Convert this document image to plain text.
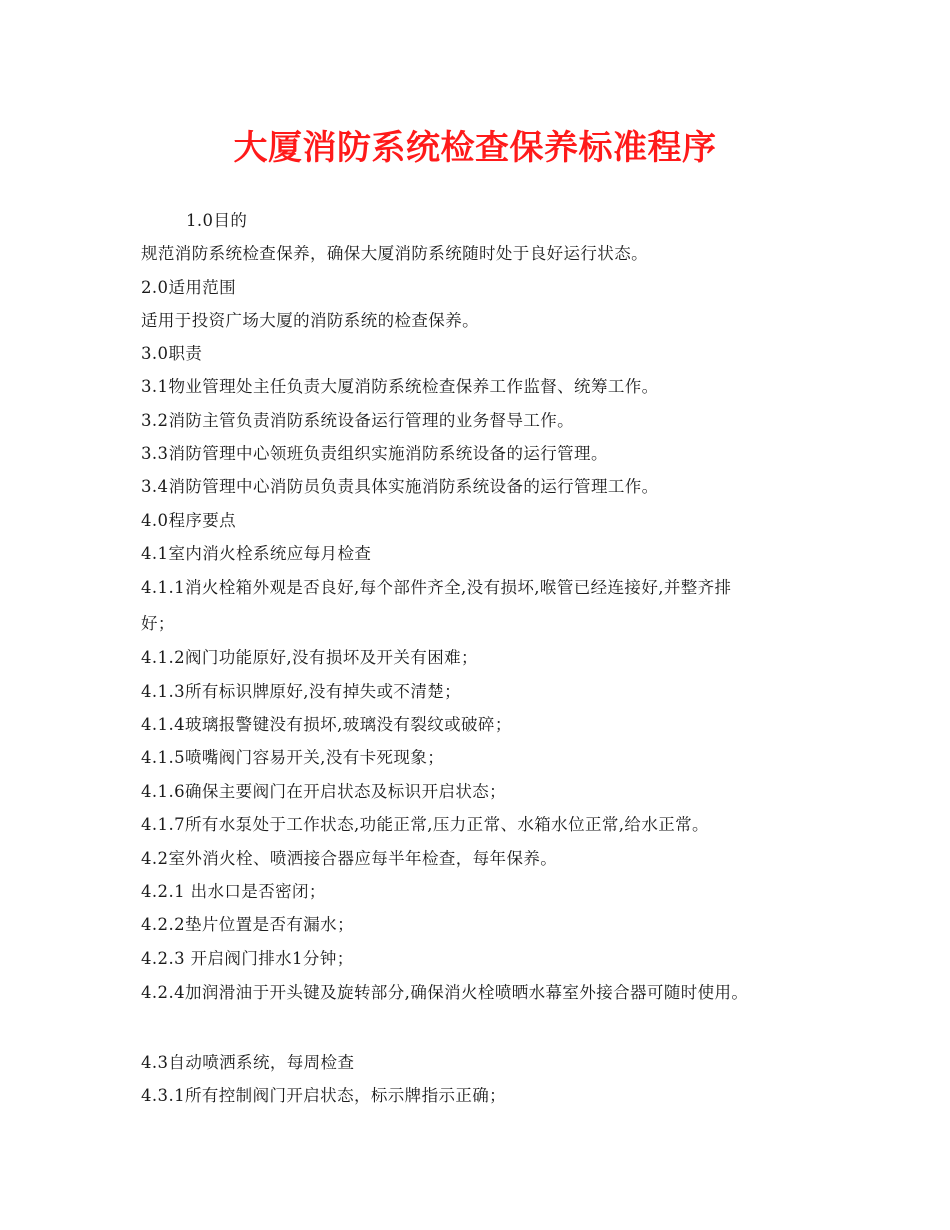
大厦消防系统检查保养标准程序
1.0目的
规范消防系统检查保养，确保大厦消防系统随时处于良好运行状态。
2.0适用范围
适用于投资广场大厦的消防系统的检查保养。
3.0职责
3.1物业管理处主任负责大厦消防系统检查保养工作监督、统筹工作。
3.2消防主管负责消防系统设备运行管理的业务督导工作。
3.3消防管理中心领班负责组织实施消防系统设备的运行管理。
3.4消防管理中心消防员负责具体实施消防系统设备的运行管理工作。
4.0程序要点
4.1室内消火栓系统应每月检查
4.1.1消火栓箱外观是否良好,每个部件齐全,没有损坏,喉管已经连接好,并整齐排
好；
4.1.2阀门功能原好,没有损坏及开关有困难；
4.1.3所有标识牌原好,没有掉失或不清楚；
4.1.4玻璃报警键没有损坏,玻璃没有裂纹或破碎；
4.1.5喷嘴阀门容易开关,没有卡死现象；
4.1.6确保主要阀门在开启状态及标识开启状态；
4.1.7所有水泵处于工作状态,功能正常,压力正常、水箱水位正常,给水正常。
4.2室外消火栓、喷洒接合器应每半年检查，每年保养。
4.2.1 出水口是否密闭；
4.2.2垫片位置是否有漏水；
4.2.3 开启阀门排水1分钟；
4.2.4加润滑油于开头键及旋转部分,确保消火栓喷晒水幕室外接合器可随时使用。
4.3自动喷洒系统，每周检查
4.3.1所有控制阀门开启状态，标示牌指示正确；
